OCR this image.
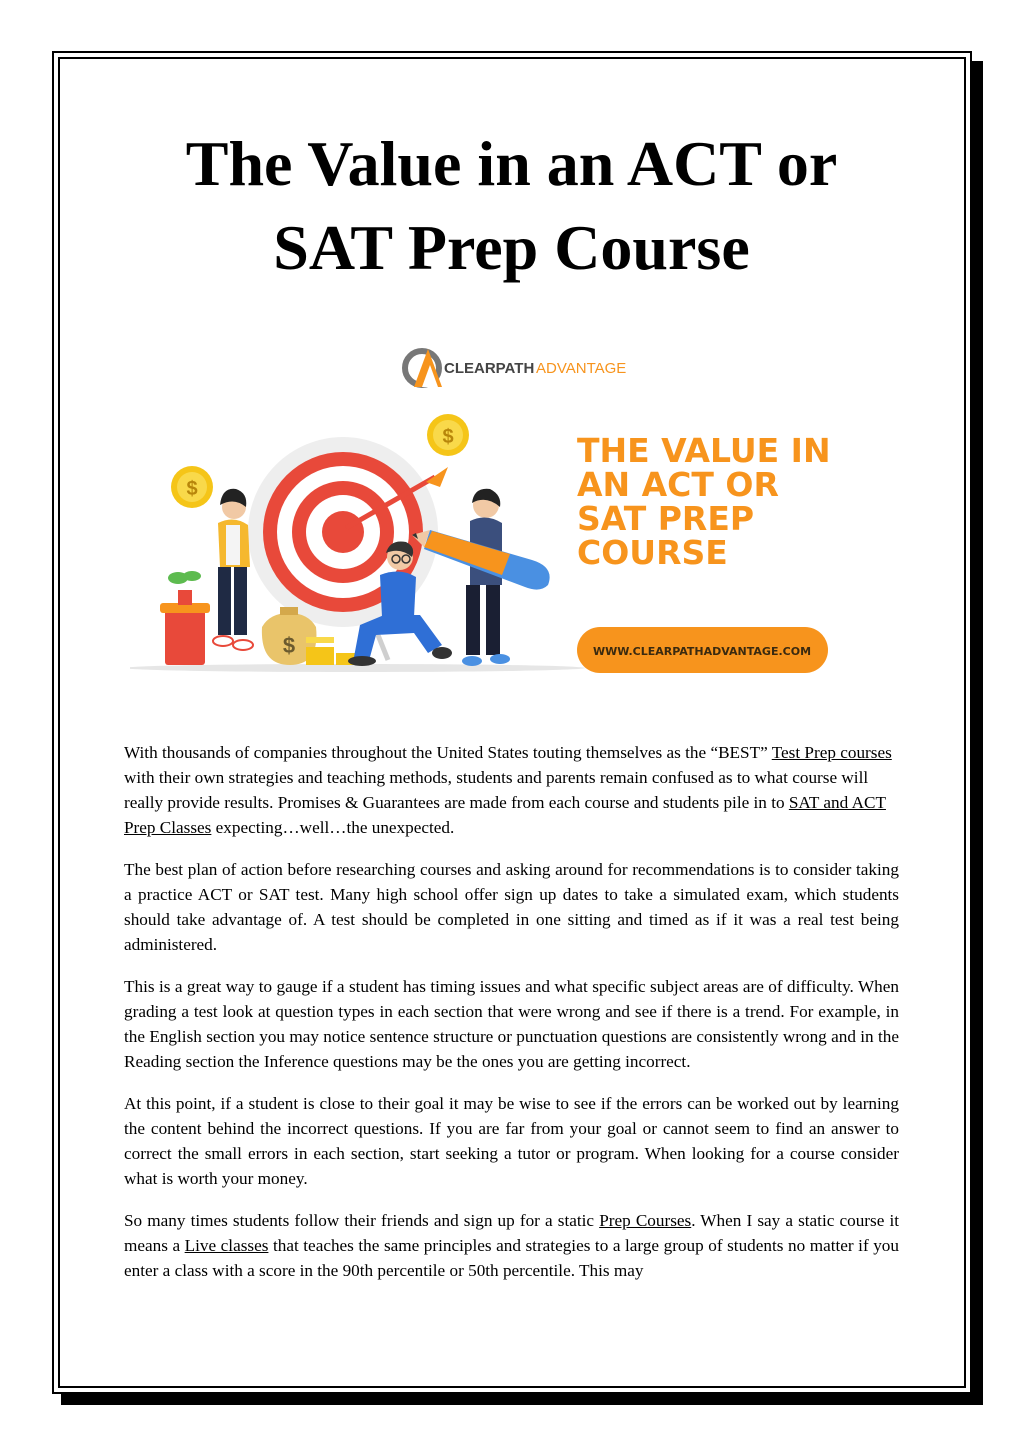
The Value in an ACT or
SAT Prep Course
CLEARPATH ADVANTAGE
$
$
$
THE VALUE IN
AN ACT OR
SAT PREP
COURSE
WWW.CLEARPATHADVANTAGE.COM

With thousands of companies throughout the United States touting themselves as the “BEST” Test Prep courses with their own strategies and teaching methods, students and parents remain confused as to what course will really provide results. Promises & Guarantees are made from each course and students pile in to SAT and ACT Prep Classes expecting…well…the unexpected.

The best plan of action before researching courses and asking around for recommendations is to consider taking a practice ACT or SAT test. Many high school offer sign up dates to take a simulated exam, which students should take advantage of. A test should be completed in one sitting and timed as if it was a real test being administered.

This is a great way to gauge if a student has timing issues and what specific subject areas are of difficulty. When grading a test look at question types in each section that were wrong and see if there is a trend. For example, in the English section you may notice sentence structure or punctuation questions are consistently wrong and in the Reading section the Inference questions may be the ones you are getting incorrect.

At this point, if a student is close to their goal it may be wise to see if the errors can be worked out by learning the content behind the incorrect questions. If you are far from your goal or cannot seem to find an answer to correct the small errors in each section, start seeking a tutor or program. When looking for a course consider what is worth your money.

So many times students follow their friends and sign up for a static Prep Courses. When I say a static course it means a Live classes that teaches the same principles and strategies to a large group of students no matter if you enter a class with a score in the 90th percentile or 50th percentile. This may
